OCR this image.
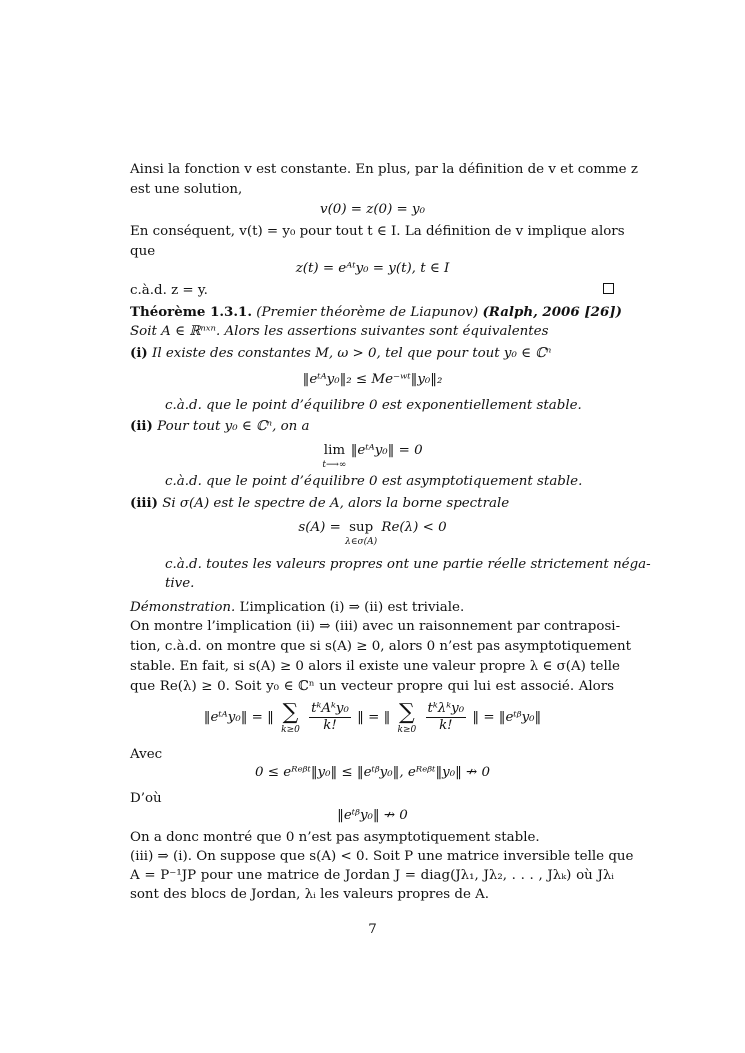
Ainsi la fonction v est constante. En plus, par la définition de v et comme z
est une solution,
v(0) = z(0) = y₀
En conséquent, v(t) = y₀ pour tout t ∈ I. La définition de v implique alors
que
z(t) = eᴬᵗy₀ = y(t), t ∈ I
c.à.d. z = y.
Théorème 1.3.1. (Premier théorème de Liapunov) (Ralph, 2006 [26])
Soit A ∈ ℝⁿˣⁿ. Alors les assertions suivantes sont équivalentes
(i) Il existe des constantes M, ω > 0, tel que pour tout y₀ ∈ ℂⁿ
‖eᵗᴬy₀‖₂ ≤ Me⁻ʷᵗ‖y₀‖₂
c.à.d. que le point d’équilibre 0 est exponentiellement stable.
(ii) Pour tout y₀ ∈ ℂⁿ, on a
lim
t⟶∞
‖eᵗᴬy₀‖ = 0
c.à.d. que le point d’équilibre 0 est asymptotiquement stable.
(iii) Si σ(A) est le spectre de A, alors la borne spectrale
s(A) = sup
λ∈σ(A)
Re(λ) < 0
c.à.d. toutes les valeurs propres ont une partie réelle strictement néga-
tive.
Démonstration. L’implication (i) ⇒ (ii) est triviale.
On montre l’implication (ii) ⇒ (iii) avec un raisonnement par contraposi-
tion, c.à.d. on montre que si s(A) ≥ 0, alors 0 n’est pas asymptotiquement
stable. En fait, si s(A) ≥ 0 alors il existe une valeur propre λ ∈ σ(A) telle
que Re(λ) ≥ 0. Soit y₀ ∈ ℂⁿ un vecteur propre qui lui est associé. Alors
‖eᵗᴬy₀‖ = ‖ ∑
k≥0
$\frac{\text{tᵏAᵏy₀}}{k!}$ ‖ = ‖ ∑
k≥0
$\frac{\text{tᵏλᵏy₀}}{k!}$ ‖ = ‖eᵗᵝy₀‖
Avec
0 ≤ eᴿᵉᵝᵗ‖y₀‖ ≤ ‖eᵗᵝy₀‖, eᴿᵉᵝᵗ‖y₀‖ ↛ 0
D’où
‖eᵗᵝy₀‖ ↛ 0
On a donc montré que 0 n’est pas asymptotiquement stable.
(iii) ⇒ (i). On suppose que s(A) < 0. Soit P une matrice inversible telle que
A = P⁻¹JP pour une matrice de Jordan J = diag(Jλ₁, Jλ₂, . . . , Jλₖ) où Jλᵢ
sont des blocs de Jordan, λᵢ les valeurs propres de A.
7
